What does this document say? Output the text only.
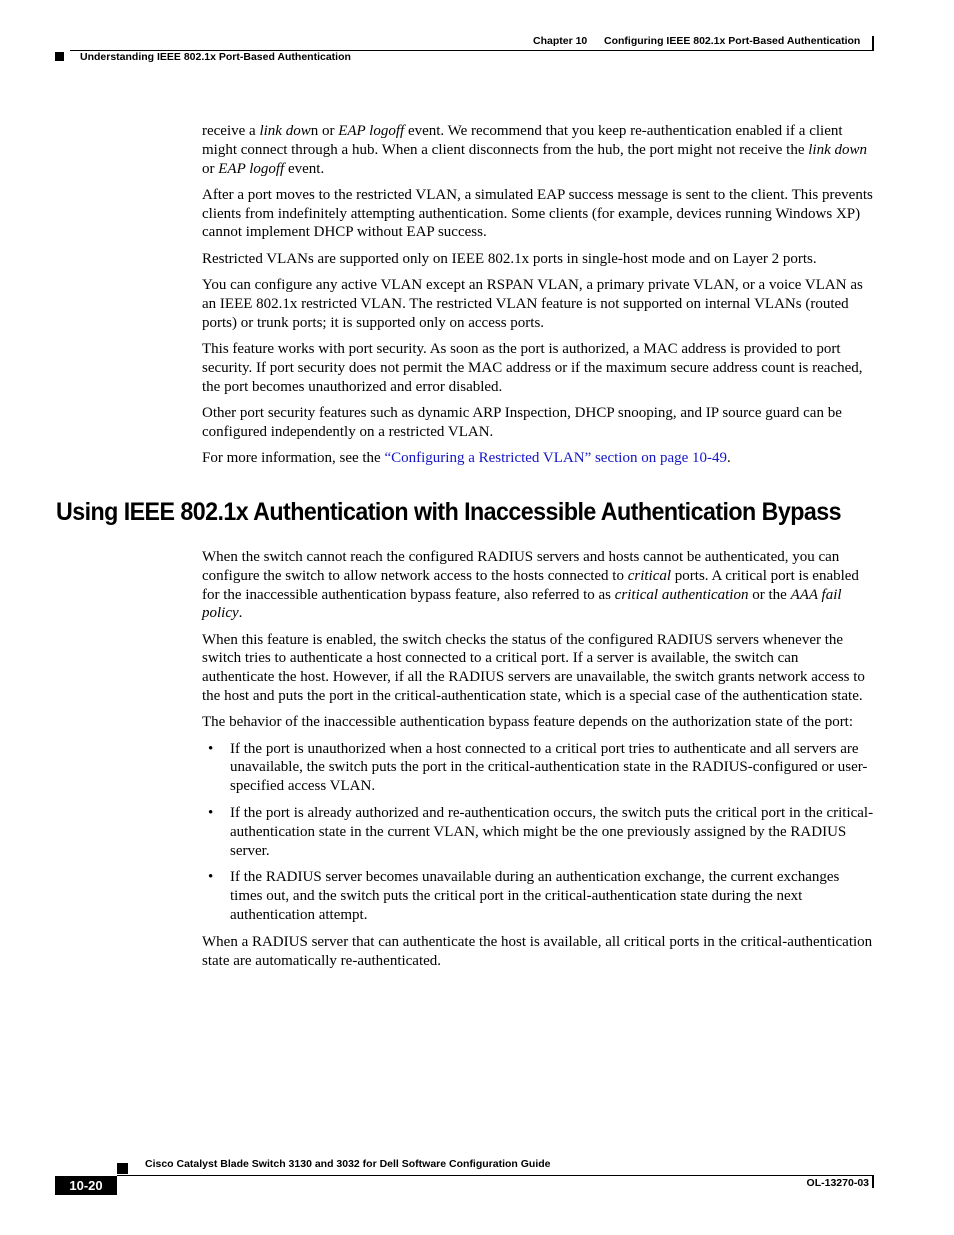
Chapter 10 Configuring IEEE 802.1x Port-Based Authentication
Understanding IEEE 802.1x Port-Based Authentication

receive a link down or EAP logoff event. We recommend that you keep re-authentication enabled if a client might connect through a hub. When a client disconnects from the hub, the port might not receive the link down or EAP logoff event.

After a port moves to the restricted VLAN, a simulated EAP success message is sent to the client. This prevents clients from indefinitely attempting authentication. Some clients (for example, devices running Windows XP) cannot implement DHCP without EAP success.

Restricted VLANs are supported only on IEEE 802.1x ports in single-host mode and on Layer 2 ports.

You can configure any active VLAN except an RSPAN VLAN, a primary private VLAN, or a voice VLAN as an IEEE 802.1x restricted VLAN. The restricted VLAN feature is not supported on internal VLANs (routed ports) or trunk ports; it is supported only on access ports.

This feature works with port security. As soon as the port is authorized, a MAC address is provided to port security. If port security does not permit the MAC address or if the maximum secure address count is reached, the port becomes unauthorized and error disabled.

Other port security features such as dynamic ARP Inspection, DHCP snooping, and IP source guard can be configured independently on a restricted VLAN.

For more information, see the “Configuring a Restricted VLAN” section on page 10-49.

Using IEEE 802.1x Authentication with Inaccessible Authentication Bypass

When the switch cannot reach the configured RADIUS servers and hosts cannot be authenticated, you can configure the switch to allow network access to the hosts connected to critical ports. A critical port is enabled for the inaccessible authentication bypass feature, also referred to as critical authentication or the AAA fail policy.

When this feature is enabled, the switch checks the status of the configured RADIUS servers whenever the switch tries to authenticate a host connected to a critical port. If a server is available, the switch can authenticate the host. However, if all the RADIUS servers are unavailable, the switch grants network access to the host and puts the port in the critical-authentication state, which is a special case of the authentication state.

The behavior of the inaccessible authentication bypass feature depends on the authorization state of the port:

• If the port is unauthorized when a host connected to a critical port tries to authenticate and all servers are unavailable, the switch puts the port in the critical-authentication state in the RADIUS-configured or user-specified access VLAN.
• If the port is already authorized and re-authentication occurs, the switch puts the critical port in the critical-authentication state in the current VLAN, which might be the one previously assigned by the RADIUS server.
• If the RADIUS server becomes unavailable during an authentication exchange, the current exchanges times out, and the switch puts the critical port in the critical-authentication state during the next authentication attempt.

When a RADIUS server that can authenticate the host is available, all critical ports in the critical-authentication state are automatically re-authenticated.

Cisco Catalyst Blade Switch 3130 and 3032 for Dell Software Configuration Guide
10-20	OL-13270-03
